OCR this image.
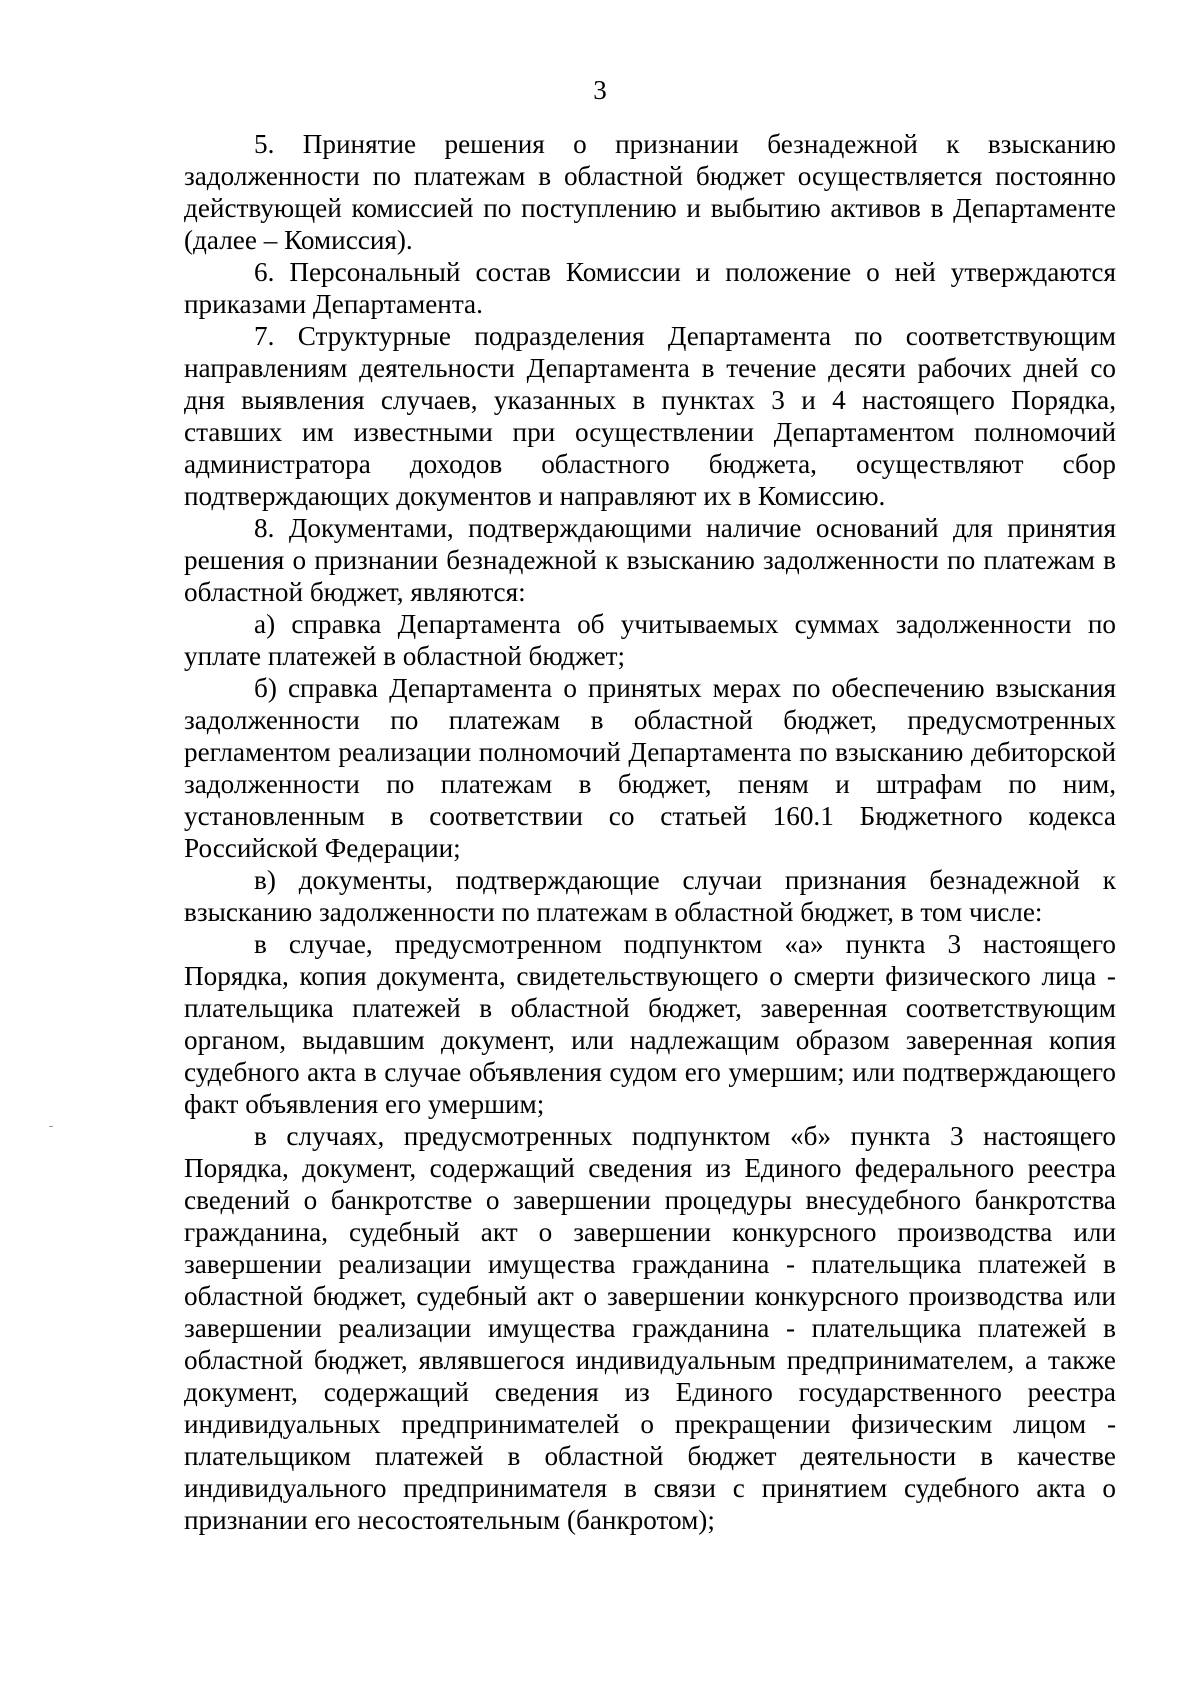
3

5. Принятие решения о признании безнадежной к взысканию задолженности по платежам в областной бюджет осуществляется постоянно действующей комиссией по поступлению и выбытию активов в Департаменте (далее – Комиссия).

6. Персональный состав Комиссии и положение о ней утверждаются приказами Департамента.

7. Структурные подразделения Департамента по соответствующим направлениям деятельности Департамента в течение десяти рабочих дней со дня выявления случаев, указанных в пунктах 3 и 4 настоящего Порядка, ставших им известными при осуществлении Департаментом полномочий администратора доходов областного бюджета, осуществляют сбор подтверждающих документов и направляют их в Комиссию.

8. Документами, подтверждающими наличие оснований для принятия решения о признании безнадежной к взысканию задолженности по платежам в областной бюджет, являются:

а) справка Департамента об учитываемых суммах задолженности по уплате платежей в областной бюджет;

б) справка Департамента о принятых мерах по обеспечению взыскания задолженности по платежам в областной бюджет, предусмотренных регламентом реализации полномочий Департамента по взысканию дебиторской задолженности по платежам в бюджет, пеням и штрафам по ним, установленным в соответствии со статьей 160.1 Бюджетного кодекса Российской Федерации;

в) документы, подтверждающие случаи признания безнадежной к взысканию задолженности по платежам в областной бюджет, в том числе:

в случае, предусмотренном подпунктом «а» пункта 3 настоящего Порядка, копия документа, свидетельствующего о смерти физического лица - плательщика платежей в областной бюджет, заверенная соответствующим органом, выдавшим документ, или надлежащим образом заверенная копия судебного акта в случае объявления судом его умершим; или подтверждающего факт объявления его умершим;

в случаях, предусмотренных подпунктом «б» пункта 3 настоящего Порядка, документ, содержащий сведения из Единого федерального реестра сведений о банкротстве о завершении процедуры внесудебного банкротства гражданина, судебный акт о завершении конкурсного производства или завершении реализации имущества гражданина - плательщика платежей в областной бюджет, судебный акт о завершении конкурсного производства или завершении реализации имущества гражданина - плательщика платежей в областной бюджет, являвшегося индивидуальным предпринимателем, а также документ, содержащий сведения из Единого государственного реестра индивидуальных предпринимателей о прекращении физическим лицом - плательщиком платежей в областной бюджет деятельности в качестве индивидуального предпринимателя в связи с принятием судебного акта о признании его несостоятельным (банкротом);
